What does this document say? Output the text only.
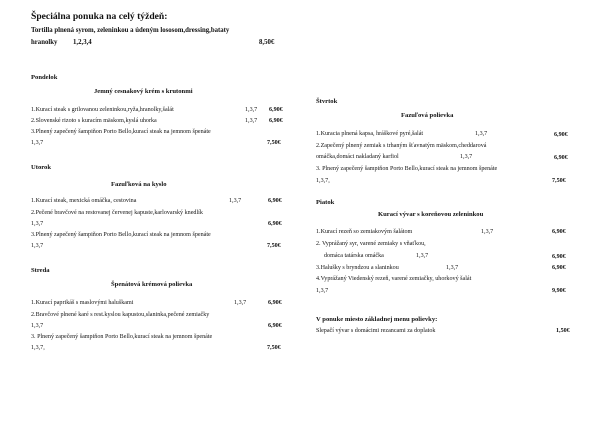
Špeciálna ponuka na celý týždeň:
Tortilla plnená syrom, zeleninkou a údeným lososom,dressing,bataty
hranolky 1,2,3,4	8,50€
Pondelok
Jemný cesnakový krém s krutonmi
1.Kurací steak s grilovanou zeleninkou,ryža,hranolky,šalát	1,3,7 6,90€
2.Slovenské rizoto s kuracím mäskom,kyslá uhorka	1,3,7 6,90€
3.Plnený zapečený šampiňon Porto Bello,kurací steak na jemnom špenáte
1,3,7	7,50€
Utorok
Fazuľková na kyslo
1.Kurací steak, mexická omáčka, cestovina	1,3,7	6,90€
2.Pečené bravčové na restovanej červenej kapuste,karlovarský knedlík
1,3,7	6,90€
3.Plnený zapečený šampiňon Porto Bello,kurací steak na jemnom špenáte
1,3,7	7,50€
Streda
Špenátová krémová polievka
1.Kurací paprikáš s maslovými haluškami	1,3,7	6,90€
2.Bravčové plnené karé s rest.kyslou kapustou,slaninka,pečené zemiačky
1,3,7	6,90€
3. Plnený zapečený šampiňon Porto Bello,kurací steak na jemnom špenáte
1,3,7,	7,50€
Štvrtok
Fazuľová polievka
1.Kuracia plnená kapsa, hráškové pyré,šalát	1,3,7	6,90€
2.Zapečený plnený zemiak s trhaným šťavnatým mäskom,cheddarová
omáčka,domáci nakladaný karfiol	1,3,7	6,90€
3. Plnený zapečený šampiňon Porto Bello,kurací steak na jemnom špenáte
1,3,7,	7,50€
Piatok
Kurací vývar s koreňovou zeleninkou
1.Kurací rezeň so zemiakovým šalátom	1,3,7	6,90€
2. Vyprážaný syr, varené zemiaky s vňaťkou,
domáca tatárska omáčka	1,3,7	6,90€
3.Halušky s bryndzou a slaninkou	1,3,7	6,90€
4.Vyprážaný Viedenský rezeň, varené zemiačky, uhorkový šalát
1,3,7	9,90€
V ponuke miesto základnej menu polievky:
Slepačí vývar s domácimi rezancami za doplatok	1,50€
